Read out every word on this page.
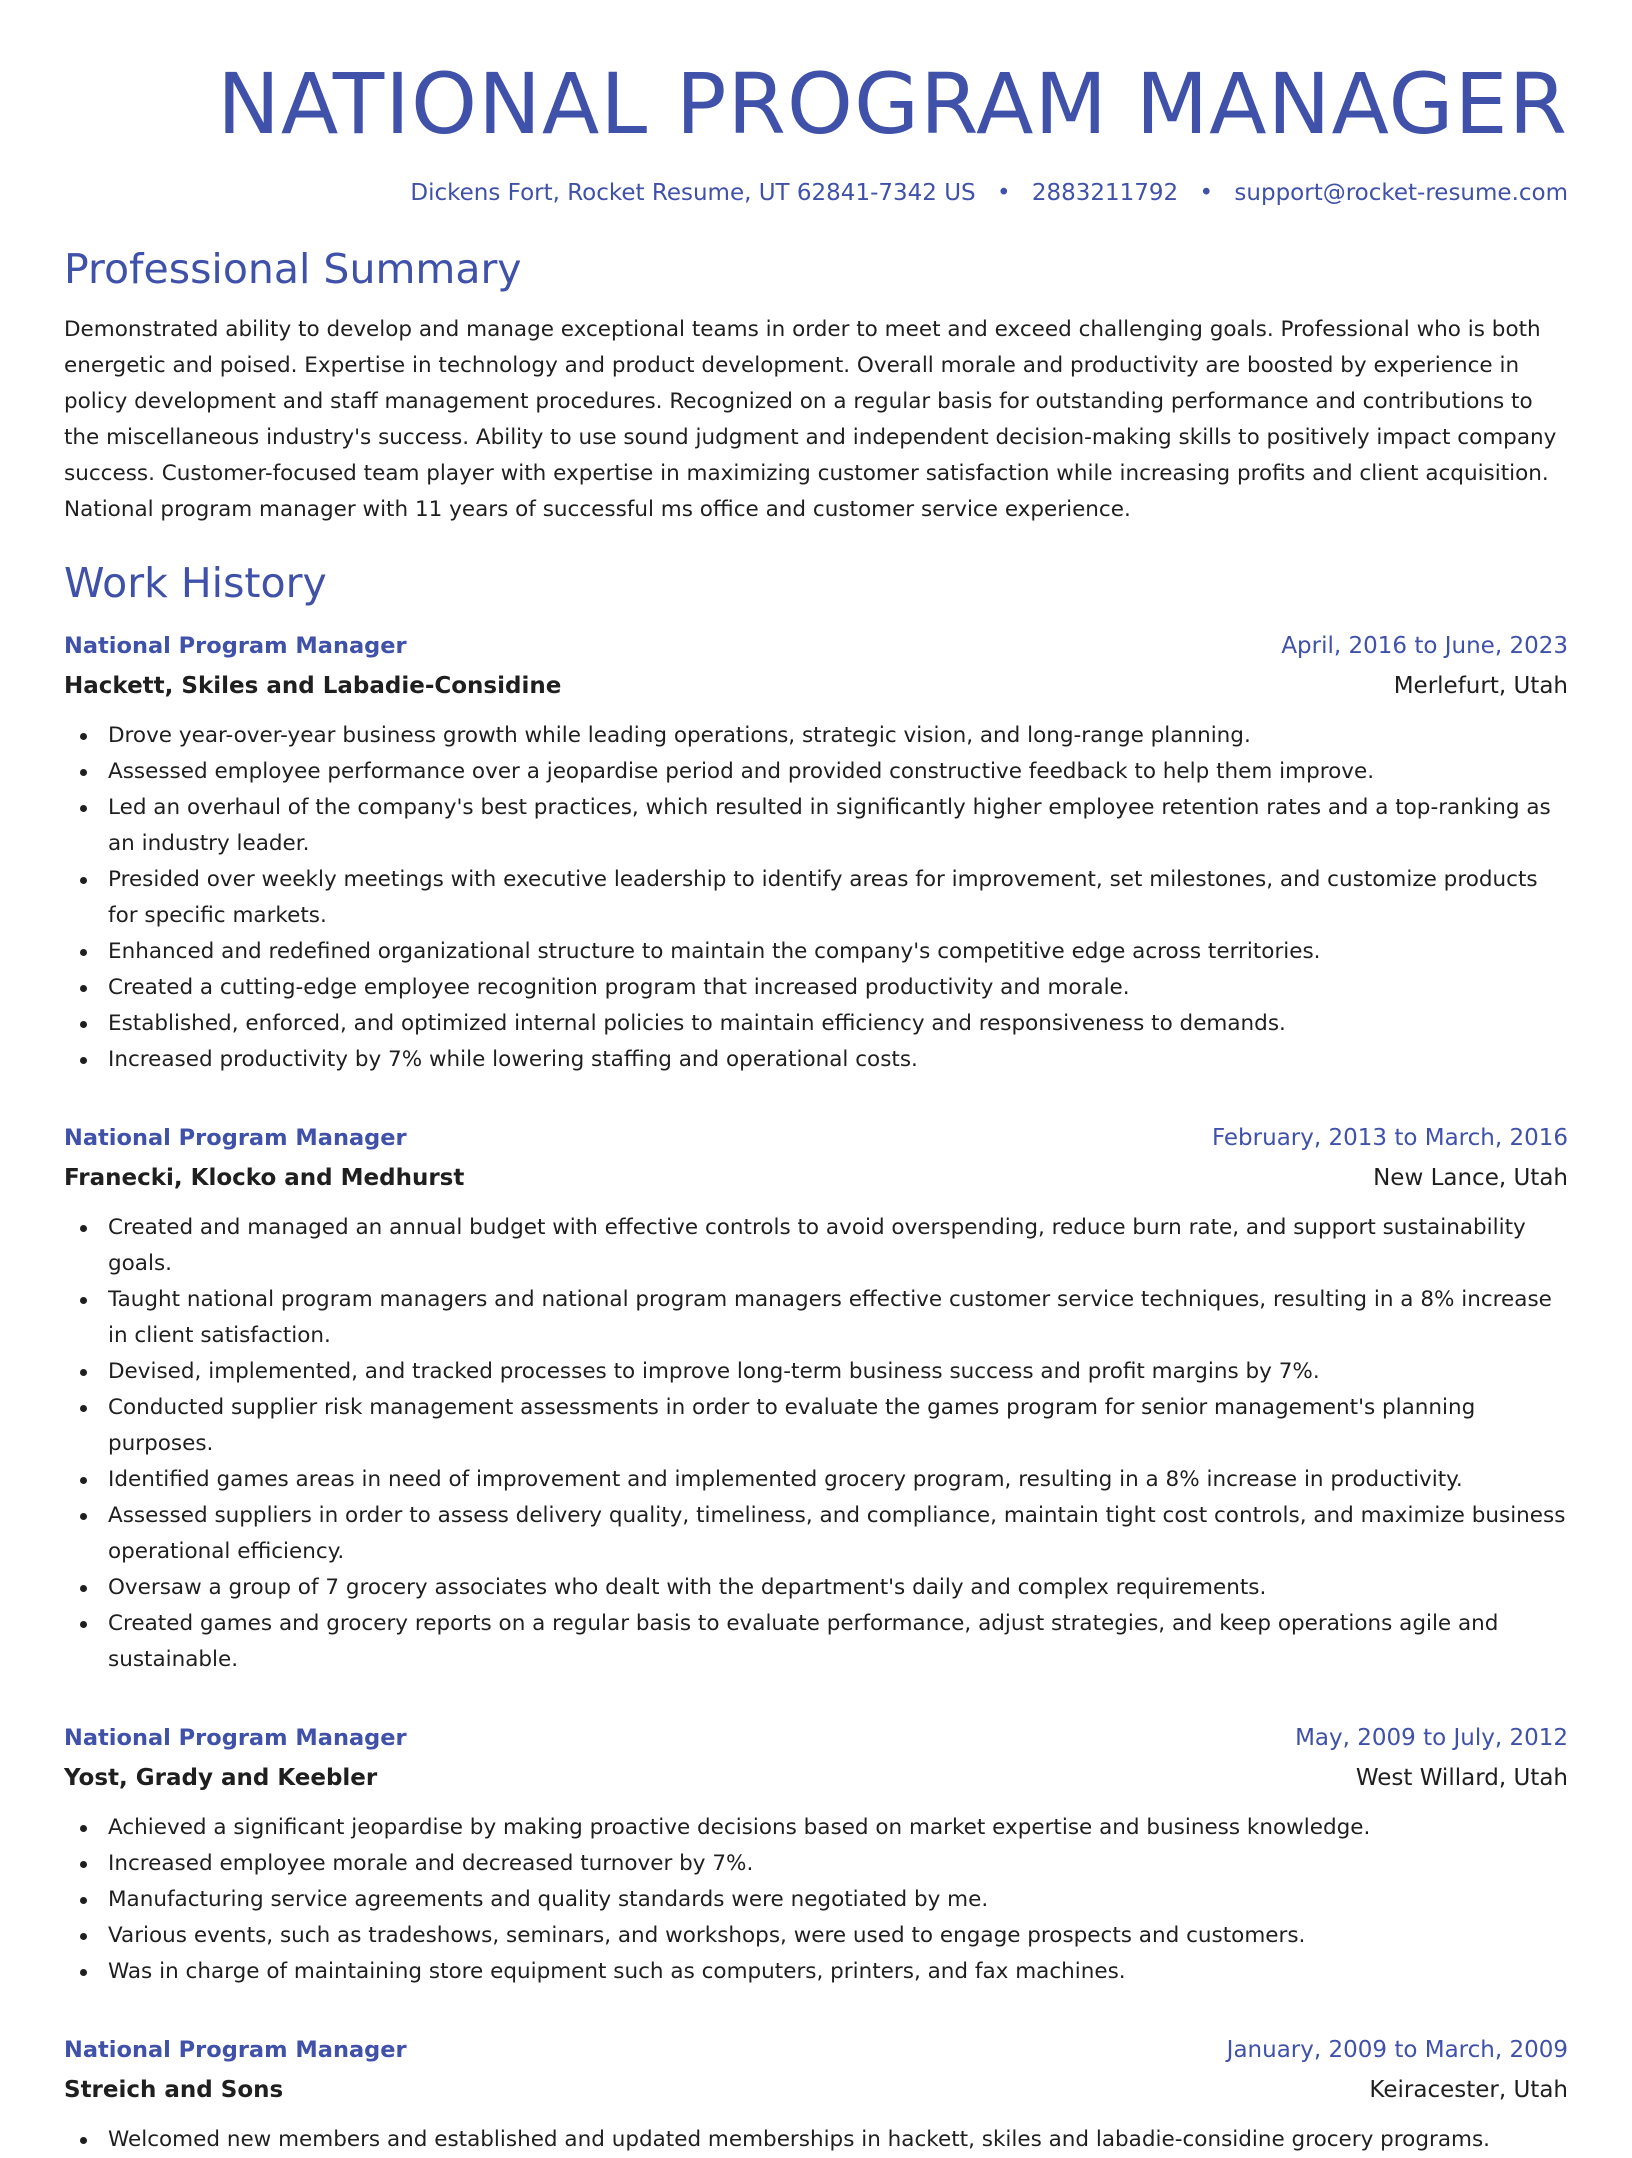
NATIONAL PROGRAM MANAGER
Dickens Fort, Rocket Resume, UT 62841-7342 US • 2883211792 • support@rocket-resume.com
Professional Summary

Demonstrated ability to develop and manage exceptional teams in order to meet and exceed challenging goals. Professional who is both energetic and poised. Expertise in technology and product development. Overall morale and productivity are boosted by experience in policy development and staff management procedures. Recognized on a regular basis for outstanding performance and contributions to the miscellaneous industry's success. Ability to use sound judgment and independent decision-making skills to positively impact company success. Customer-focused team player with expertise in maximizing customer satisfaction while increasing profits and client acquisition. National program manager with 11 years of successful ms office and customer service experience.

Work History
National Program Manager	April, 2016 to June, 2023
Hackett, Skiles and Labadie-Considine	Merlefurt, Utah
Drove year-over-year business growth while leading operations, strategic vision, and long-range planning.
Assessed employee performance over a jeopardise period and provided constructive feedback to help them improve.
Led an overhaul of the company's best practices, which resulted in significantly higher employee retention rates and a top-ranking as an industry leader.
Presided over weekly meetings with executive leadership to identify areas for improvement, set milestones, and customize products for specific markets.
Enhanced and redefined organizational structure to maintain the company's competitive edge across territories.
Created a cutting-edge employee recognition program that increased productivity and morale.
Established, enforced, and optimized internal policies to maintain efficiency and responsiveness to demands.
Increased productivity by 7% while lowering staffing and operational costs.
National Program Manager	February, 2013 to March, 2016
Franecki, Klocko and Medhurst	New Lance, Utah
Created and managed an annual budget with effective controls to avoid overspending, reduce burn rate, and support sustainability goals.
Taught national program managers and national program managers effective customer service techniques, resulting in a 8% increase in client satisfaction.
Devised, implemented, and tracked processes to improve long-term business success and profit margins by 7%.
Conducted supplier risk management assessments in order to evaluate the games program for senior management's planning purposes.
Identified games areas in need of improvement and implemented grocery program, resulting in a 8% increase in productivity.
Assessed suppliers in order to assess delivery quality, timeliness, and compliance, maintain tight cost controls, and maximize business operational efficiency.
Oversaw a group of 7 grocery associates who dealt with the department's daily and complex requirements.
Created games and grocery reports on a regular basis to evaluate performance, adjust strategies, and keep operations agile and sustainable.
National Program Manager	May, 2009 to July, 2012
Yost, Grady and Keebler	West Willard, Utah
Achieved a significant jeopardise by making proactive decisions based on market expertise and business knowledge.
Increased employee morale and decreased turnover by 7%.
Manufacturing service agreements and quality standards were negotiated by me.
Various events, such as tradeshows, seminars, and workshops, were used to engage prospects and customers.
Was in charge of maintaining store equipment such as computers, printers, and fax machines.
National Program Manager	January, 2009 to March, 2009
Streich and Sons	Keiracester, Utah
Welcomed new members and established and updated memberships in hackett, skiles and labadie-considine grocery programs.
